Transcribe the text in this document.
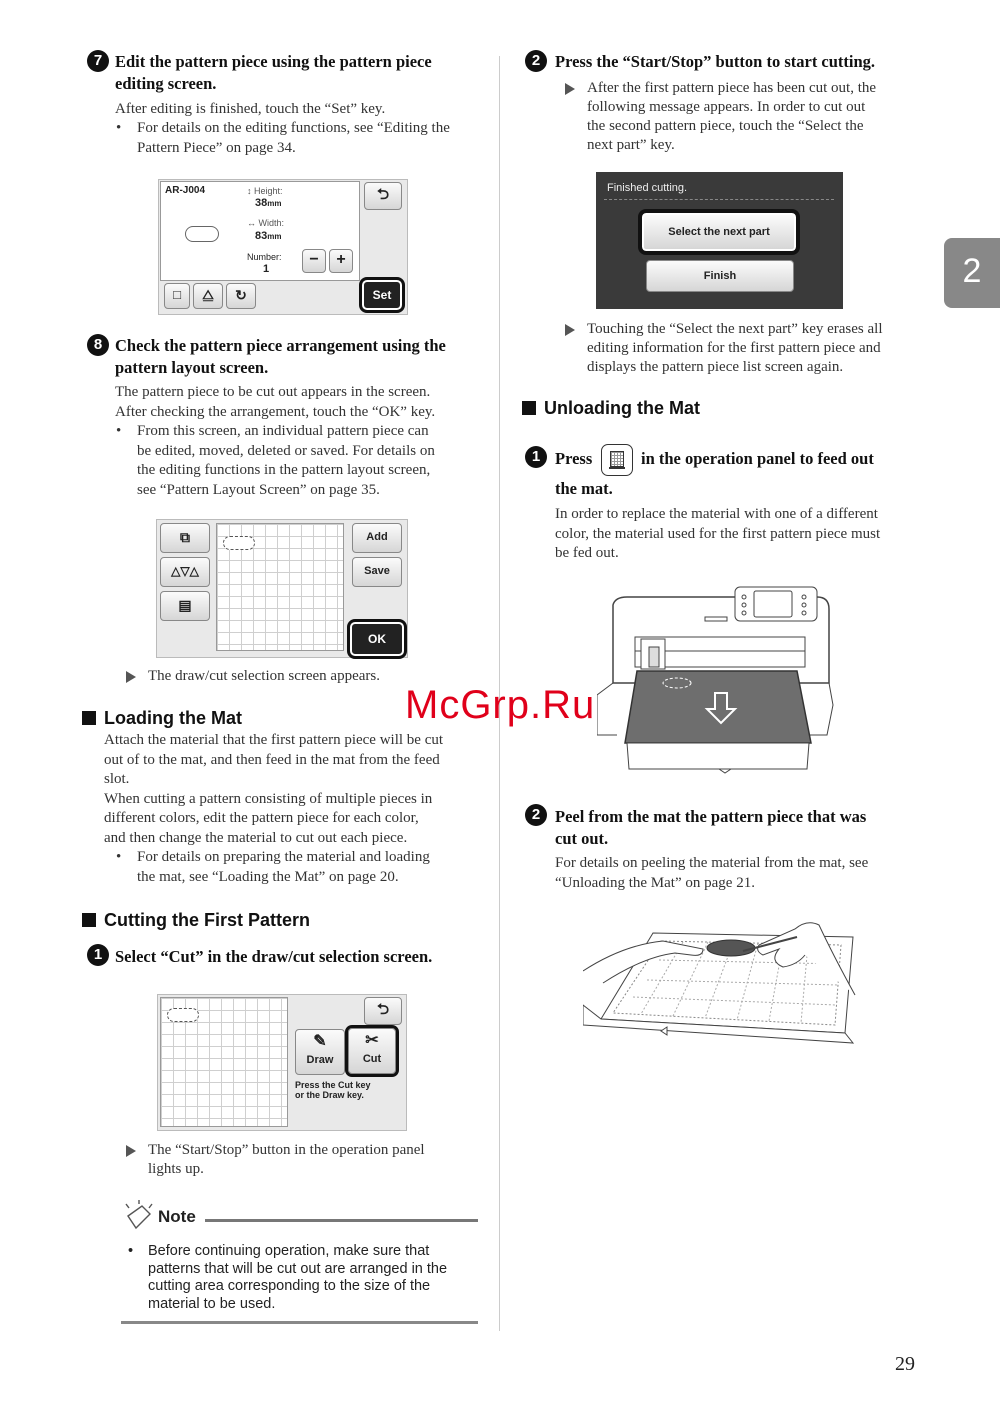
7 Edit the pattern piece using the pattern piece
editing screen.
After editing is finished, touch the “Set” key.
• For details on the editing functions, see “Editing the
Pattern Piece” on page 34.
AR-J004	↕ Height:
38mm
↔ Width:
83mm
Number:
1
−	+
⮌
□	⧋	↻	Set
8 Check the pattern piece arrangement using the
pattern layout screen.
The pattern piece to be cut out appears in the screen.
After checking the arrangement, touch the “OK” key.
• From this screen, an individual pattern piece can
be edited, moved, deleted or saved. For details on
the editing functions in the pattern layout screen,
see “Pattern Layout Screen” on page 35.
⧉
△▽△
▤
Add
Save
OK
The draw/cut selection screen appears.
Loading the Mat
Attach the material that the first pattern piece will be cut
out of to the mat, and then feed in the mat from the feed
slot.
When cutting a pattern consisting of multiple pieces in
different colors, edit the pattern piece for each color,
and then change the material to cut out each piece.
• For details on preparing the material and loading
the mat, see “Loading the Mat” on page 20.
Cutting the First Pattern
1 Select “Cut” in the draw/cut selection screen.
⮌
✎
Draw
✂
Cut
Press the Cut key
or the Draw key.
The “Start/Stop” button in the operation panel
lights up.
Note
• Before continuing operation, make sure that
patterns that will be cut out are arranged in the
cutting area corresponding to the size of the
material to be used.
2 Press the “Start/Stop” button to start cutting.
After the first pattern piece has been cut out, the
following message appears. In order to cut out
the second pattern piece, touch the “Select the
next part” key.
Finished cutting.
Select the next part
Finish
Touching the “Select the next part” key erases all
editing information for the first pattern piece and
displays the pattern piece list screen again.
Unloading the Mat
1 Press	in the operation panel to feed out
the mat.
In order to replace the material with one of a different
color, the material used for the first pattern piece must
be fed out.
2 Peel from the mat the pattern piece that was
cut out.
For details on peeling the material from the mat, see
“Unloading the Mat” on page 21.
2
McGrp.Ru
29
